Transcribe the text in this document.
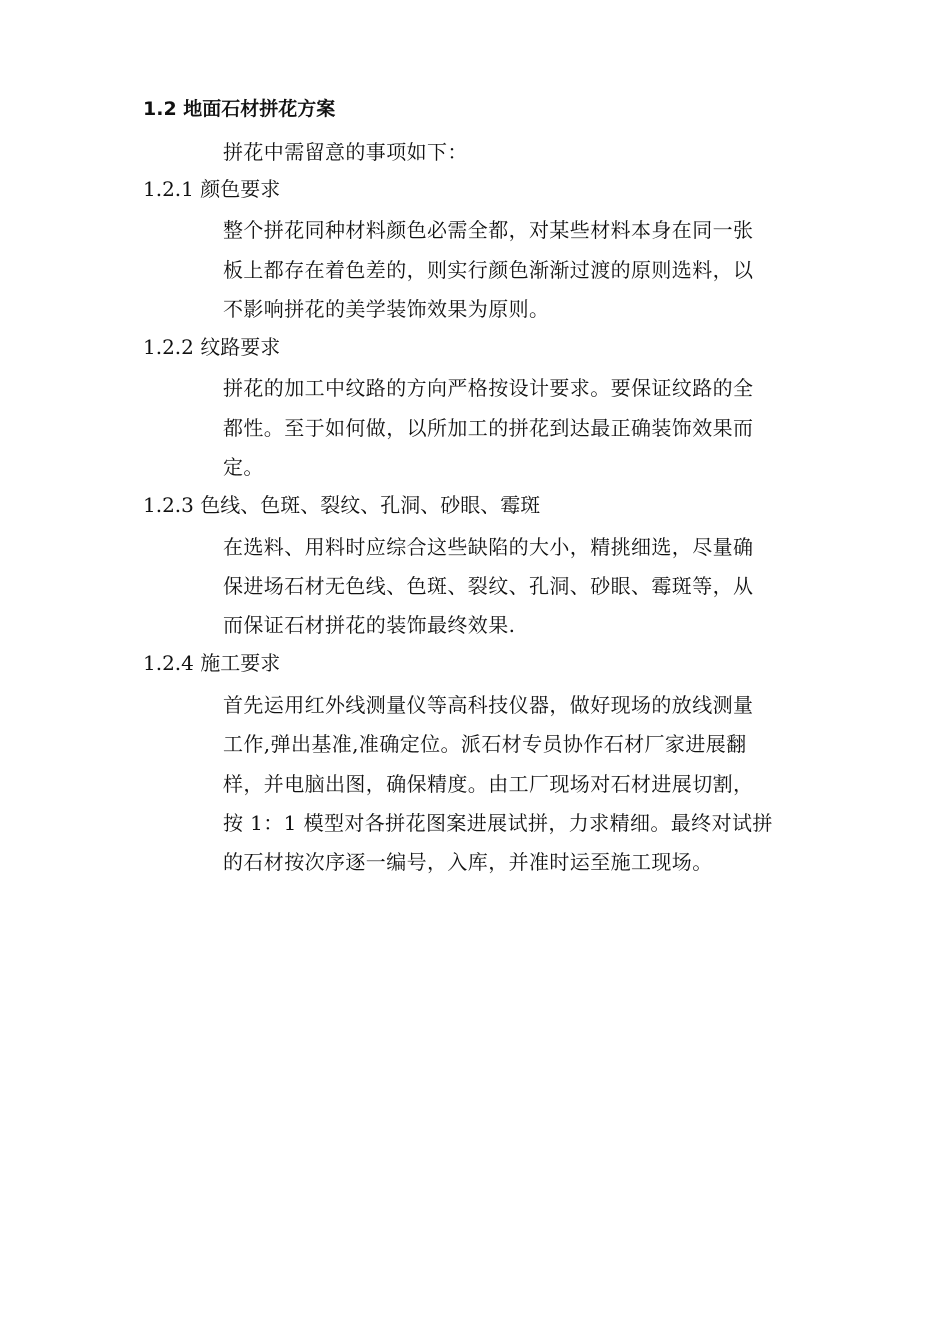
1.2 地面石材拼花方案
拼花中需留意的事项如下：
1.2.1 颜色要求
整个拼花同种材料颜色必需全都，对某些材料本身在同一张
板上都存在着色差的，则实行颜色渐渐过渡的原则选料，以
不影响拼花的美学装饰效果为原则。
1.2.2 纹路要求
拼花的加工中纹路的方向严格按设计要求。要保证纹路的全
都性。至于如何做，以所加工的拼花到达最正确装饰效果而
定。
1.2.3 色线、色斑、裂纹、孔洞、砂眼、霉斑
在选料、用料时应综合这些缺陷的大小，精挑细选，尽量确
保进场石材无色线、色斑、裂纹、孔洞、砂眼、霉斑等，从
而保证石材拼花的装饰最终效果.
1.2.4 施工要求
首先运用红外线测量仪等高科技仪器，做好现场的放线测量
工作,弹出基准,准确定位。派石材专员协作石材厂家进展翻
样，并电脑出图，确保精度。由工厂现场对石材进展切割，
按 1：1 模型对各拼花图案进展试拼，力求精细。最终对试拼
的石材按次序逐一编号，入库，并准时运至施工现场。
